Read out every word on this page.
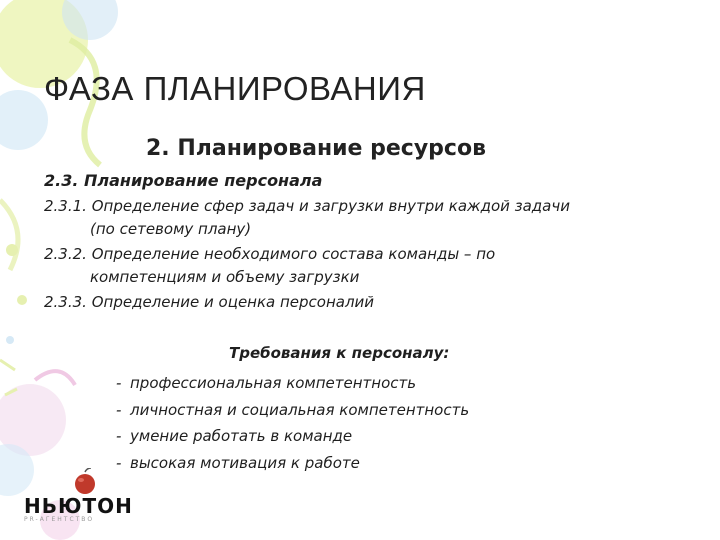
ФАЗА ПЛАНИРОВАНИЯ
2. Планирование ресурсов
2.3. Планирование персонала
2.3.1. Определение сфер задач и загрузки внутри каждой задачи
(по сетевому плану)
2.3.2. Определение необходимого состава команды – по
компетенциям и объему загрузки
2.3.3. Определение и оценка персоналий
Требования к персоналу:
- профессиональная компетентность
- личностная и социальная компетентность
- умение работать в команде
- высокая мотивация к работе
НЬЮТОН
PR-АГЕНТСТВО
